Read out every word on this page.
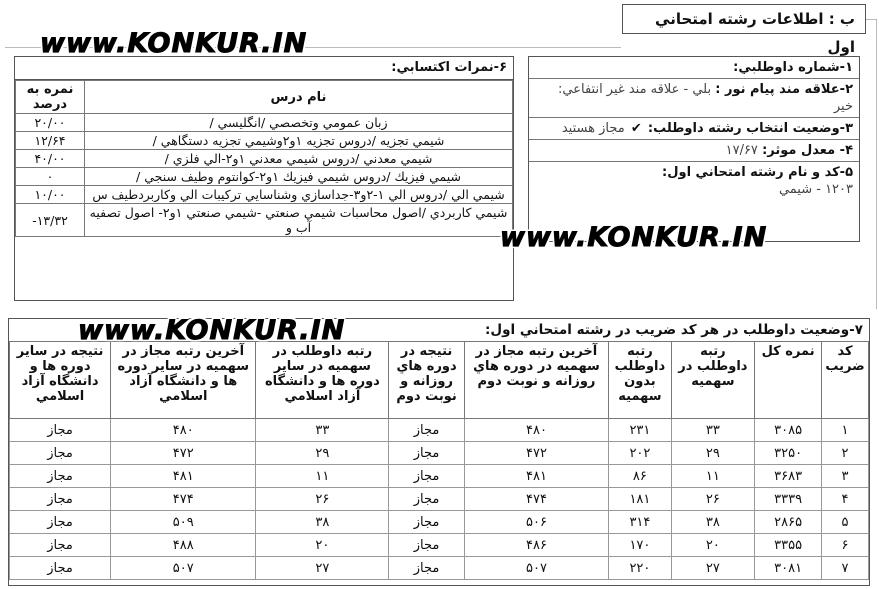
ب : اطلاعات رشته امتحاني اول
۶-نمرات اكتسابي:
نام درس	نمره به درصد
زبان عمومي وتخصصي /انگليسي /	۲۰/۰۰
شيمي تجزيه /دروس تجزيه ۱و۲وشيمي تجزيه دستگاهي /	۱۲/۶۴
شيمي معدني /دروس شيمي معدني ۱و۲-الي فلزي /	۴۰/۰۰
شيمي فيزيك /دروس شيمي فيزيك ۱و۲-كوانتوم وطيف سنجي /	۰
شيمي الي /دروس الي ۱-۲و۳-جداسازي وشناسايي تركيبات الي وكاربردطيف س	۱۰/۰۰
شيمي كاربردي /اصول محاسبات شيمي صنعتي -شيمي صنعتي ۱و۲- اصول تصفيه آب و	-۱۳/۳۲
۱-شماره داوطلبي:
۲-علاقه مند پيام نور : بلي - علاقه مند غير انتفاعي:
خير
۳-وضعيت انتخاب رشته داوطلب: ✔ مجاز هستيد
۴- معدل موثر: ۱۷/۶۷
۵-كد و نام رشته امتحاني اول:
۱۲۰۳ - شيمي
۷-وضعيت داوطلب در هر كد ضريب در رشته امتحاني اول:
كد ضريب	نمره كل	رتبه داوطلب در سهميه	رتبه داوطلب بدون سهميه	آخرين رتبه مجاز در سهميه در دوره هاي روزانه و نوبت دوم	نتيجه در دوره هاي روزانه و نوبت دوم	رتبه داوطلب در سهميه در ساير دوره ها و دانشگاه آزاد اسلامي	آخرين رتبه مجاز در سهميه در ساير دوره ها و دانشگاه آزاد اسلامي	نتيجه در ساير دوره ها و دانشگاه آزاد اسلامي
۱	۳۰۸۵	۳۳	۲۳۱	۴۸۰	مجاز	۳۳	۴۸۰	مجاز
۲	۳۲۵۰	۲۹	۲۰۲	۴۷۲	مجاز	۲۹	۴۷۲	مجاز
۳	۳۶۸۳	۱۱	۸۶	۴۸۱	مجاز	۱۱	۴۸۱	مجاز
۴	۳۳۳۹	۲۶	۱۸۱	۴۷۴	مجاز	۲۶	۴۷۴	مجاز
۵	۲۸۶۵	۳۸	۳۱۴	۵۰۶	مجاز	۳۸	۵۰۹	مجاز
۶	۳۳۵۵	۲۰	۱۷۰	۴۸۶	مجاز	۲۰	۴۸۸	مجاز
۷	۳۰۸۱	۲۷	۲۲۰	۵۰۷	مجاز	۲۷	۵۰۷	مجاز
www.KONKUR.IN
www.KONKUR.IN
www.KONKUR.IN
